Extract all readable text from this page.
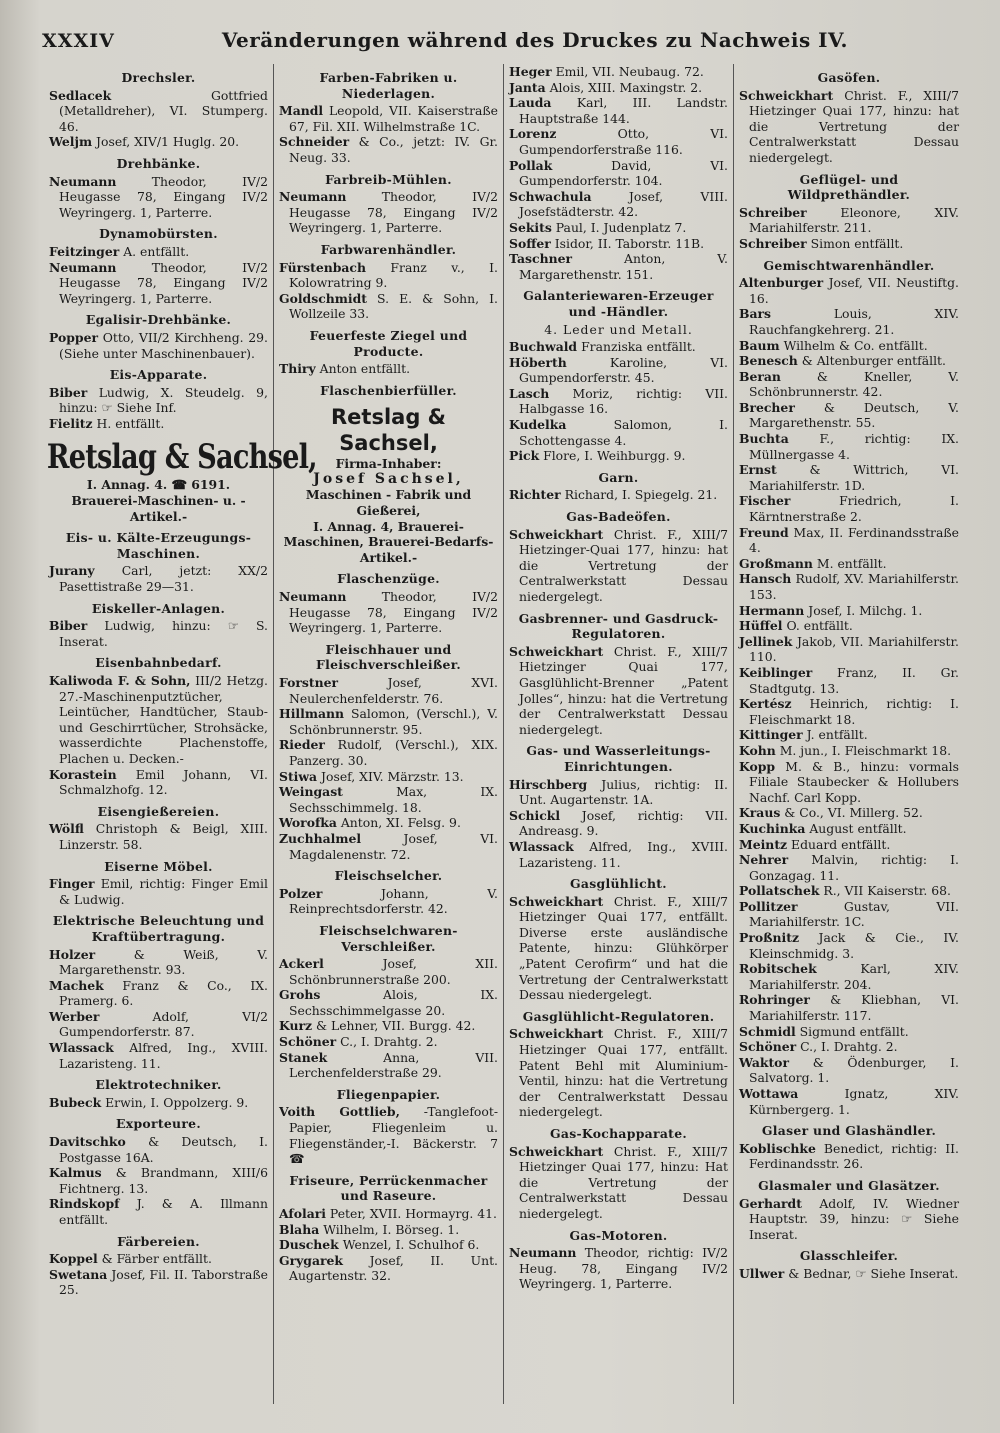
XXXIV	Veränderungen während des Druckes zu Nachweis IV.
Drechsler.
Sedlacek	Gottfried (Metalldreher), VI. Stumperg. 46.
Weljm Josef, XIV/1 Huglg. 20.
Drehbänke.
Neumann	Theodor, IV/2 Heugasse 78, Eingang IV/2 Weyringerg. 1, Parterre.
Dynamobürsten.
Feitzinger A. entfällt.
Neumann	Theodor, IV/2 Heugasse 78, Eingang IV/2 Weyringerg. 1, Parterre.
Egalisir-Drehbänke.
Popper Otto, VII/2 Kirchheng. 29. (Siehe unter Maschinenbauer).
Eis-Apparate.
Biber Ludwig, X. Steudelg. 9, hinzu: ☞ Siehe Inf.
Fielitz H. entfällt.
Retslag & Sachsel,
I. Annag. 4. ☎ 6191.
Brauerei-Maschinen- u. -Artikel.-
Eis- u. Kälte-Erzeugungs-Maschinen.
Jurany Carl, jetzt: XX/2 Pasettistraße 29—31.
Eiskeller-Anlagen.
Biber Ludwig, hinzu: ☞ S. Inserat.
Eisenbahnbedarf.
Kaliwoda F. & Sohn, III/2 Hetzg. 27.-Maschinenputztücher, Leintücher, Handtücher, Staub- und Geschirrtücher, Strohsäcke, wasserdichte Plachenstoffe, Plachen u. Decken.-
Korastein Emil Johann, VI. Schmalzhofg. 12.
Eisengießereien.
Wölfl Christoph & Beigl, XIII. Linzerstr. 58.
Eiserne Möbel.
Finger Emil, richtig: Finger Emil & Ludwig.
Elektrische Beleuchtung und Kraftübertragung.
Holzer	& Weiß, V. Margarethenstr. 93.
Machek Franz & Co., IX. Pramerg. 6.
Werber	Adolf, VI/2 Gumpendorferstr. 87.
Wlassack Alfred, Ing., XVIII. Lazaristeng. 11.
Elektrotechniker.
Bubeck Erwin, I. Oppolzerg. 9.
Exporteure.
Davitschko & Deutsch, I. Postgasse 16A.
Kalmus & Brandmann, XIII/6 Fichtnerg. 13.
Rindskopf J. & A. Illmann entfällt.
Färbereien.
Koppel & Färber entfällt.
Swetana Josef, Fil. II. Taborstraße 25.
Farben-Fabriken u. Niederlagen.
Mandl Leopold, VII. Kaiserstraße 67, Fil. XII. Wilhelmstraße 1C.
Schneider & Co., jetzt: IV. Gr. Neug. 33.
Farbreib-Mühlen.
Neumann	Theodor, IV/2 Heugasse 78, Eingang IV/2 Weyringerg. 1, Parterre.
Farbwarenhändler.
Fürstenbach Franz v., I. Kolowratring 9.
Goldschmidt S. E. & Sohn, I. Wollzeile 33.
Feuerfeste Ziegel und Producte.
Thiry Anton entfällt.
Flaschenbierfüller.
Retslag & Sachsel,
Firma-Inhaber:
Josef Sachsel,
Maschinen - Fabrik und Gießerei,
I. Annag. 4, Brauerei-Maschinen, Brauerei-Bedarfs-Artikel.-
Flaschenzüge.
Neumann	Theodor, IV/2 Heugasse 78, Eingang IV/2 Weyringerg. 1, Parterre.
Fleischhauer und Fleischverschleißer.
Forstner	Josef, XVI. Neulerchenfelderstr. 76.
Hillmann Salomon, (Verschl.), V. Schönbrunnerstr. 95.
Rieder Rudolf, (Verschl.), XIX. Panzerg. 30.
Stiwa Josef, XIV. Märzstr. 13.
Weingast	Max, IX. Sechsschimmelg. 18.
Worofka Anton, XI. Felsg. 9.
Zuchhalmel	Josef, VI. Magdalenenstr. 72.
Fleischselcher.
Polzer	Johann, V. Reinprechtsdorferstr. 42.
Fleischselchwaren-Verschleißer.
Ackerl	Josef, XII. Schönbrunnerstraße 200.
Grohs	Alois, IX. Sechsschimmelgasse 20.
Kurz & Lehner, VII. Burgg. 42.
Schöner C., I. Drahtg. 2.
Stanek	Anna, VII. Lerchenfelderstraße 29.
Fliegenpapier.
Voith Gottlieb, -Tanglefoot-Papier, Fliegenleim u. Fliegenständer,-I. Bäckerstr. 7 ☎
Friseure, Perrückenmacher und Raseure.
Afolari Peter, XVII. Hormayrg. 41.
Blaha Wilhelm, I. Börseg. 1.
Duschek Wenzel, I. Schulhof 6.
Grygarek Josef, II. Unt. Augartenstr. 32.
Heger Emil, VII. Neubaug. 72.
Janta Alois, XIII. Maxingstr. 2.
Lauda Karl, III. Landstr. Hauptstraße 144.
Lorenz	Otto, VI. Gumpendorferstraße 116.
Pollak	David, VI. Gumpendorferstr. 104.
Schwachula	Josef, VIII. Josefstädterstr. 42.
Sekits Paul, I. Judenplatz 7.
Soffer Isidor, II. Taborstr. 11B.
Taschner	Anton, V. Margarethenstr. 151.
Galanteriewaren-Erzeuger und -Händler.
4. Leder und Metall.
Buchwald Franziska entfällt.
Höberth	Karoline, VI. Gumpendorferstr. 45.
Lasch Moriz, richtig: VII. Halbgasse 16.
Kudelka	Salomon, I. Schottengasse 4.
Pick Flore, I. Weihburgg. 9.
Garn.
Richter Richard, I. Spiegelg. 21.
Gas-Badeöfen.
Schweickhart Christ. F., XIII/7 Hietzinger-Quai 177, hinzu: hat die Vertretung der Centralwerkstatt Dessau niedergelegt.
Gasbrenner- und Gasdruck-Regulatoren.
Schweickhart Christ. F., XIII/7 Hietzinger Quai 177, Gasglühlicht-Brenner „Patent Jolles“, hinzu: hat die Vertretung der Centralwerkstatt Dessau niedergelegt.
Gas- und Wasserleitungs-Einrichtungen.
Hirschberg Julius, richtig: II. Unt. Augartenstr. 1A.
Schickl Josef, richtig: VII. Andreasg. 9.
Wlassack Alfred, Ing., XVIII. Lazaristeng. 11.
Gasglühlicht.
Schweickhart Christ. F., XIII/7 Hietzinger Quai 177, entfällt. Diverse erste ausländische Patente, hinzu: Glühkörper „Patent Cerofirm“ und hat die Vertretung der Centralwerkstatt Dessau niedergelegt.
Gasglühlicht-Regulatoren.
Schweickhart Christ. F., XIII/7 Hietzinger Quai 177, entfällt. Patent Behl mit Aluminium-Ventil, hinzu: hat die Vertretung der Centralwerkstatt Dessau niedergelegt.
Gas-Kochapparate.
Schweickhart Christ. F., XIII/7 Hietzinger Quai 177, hinzu: Hat die Vertretung der Centralwerkstatt Dessau niedergelegt.
Gas-Motoren.
Neumann Theodor, richtig: IV/2 Heug. 78, Eingang IV/2 Weyringerg. 1, Parterre.
Gasöfen.
Schweickhart Christ. F., XIII/7 Hietzinger Quai 177, hinzu: hat die Vertretung der Centralwerkstatt Dessau niedergelegt.
Geflügel- und Wildprethändler.
Schreiber	Eleonore, XIV. Mariahilferstr. 211.
Schreiber Simon entfällt.
Gemischtwarenhändler.
Altenburger Josef, VII. Neustiftg. 16.
Bars	Louis, XIV. Rauchfangkehrerg. 21.
Baum Wilhelm & Co. entfällt.
Benesch & Altenburger entfällt.
Beran	& Kneller, V. Schönbrunnerstr. 42.
Brecher & Deutsch, V. Margarethenstr. 55.
Buchta F., richtig: IX. Müllnergasse 4.
Ernst	& Wittrich, VI. Mariahilferstr. 1D.
Fischer	Friedrich, I. Kärntnerstraße 2.
Freund Max, II. Ferdinandsstraße 4.
Großmann M. entfällt.
Hansch Rudolf, XV. Mariahilferstr. 153.
Hermann Josef, I. Milchg. 1.
Hüffel O. entfällt.
Jellinek Jakob, VII. Mariahilferstr. 110.
Keiblinger Franz, II. Gr. Stadtgutg. 13.
Kertész Heinrich, richtig: I. Fleischmarkt 18.
Kittinger J. entfällt.
Kohn M. jun., I. Fleischmarkt 18.
Kopp M. & B., hinzu: vormals Filiale Staubecker & Hollubers Nachf. Carl Kopp.
Kraus & Co., VI. Millerg. 52.
Kuchinka August entfällt.
Meintz Eduard entfällt.
Nehrer Malvin, richtig: I. Gonzagag. 11.
Pollatschek R., VII Kaiserstr. 68.
Pollitzer	Gustav, VII. Mariahilferstr. 1C.
Proßnitz Jack & Cie., IV. Kleinschmidg. 3.
Robitschek	Karl, XIV. Mariahilferstr. 204.
Rohringer & Kliebhan, VI. Mariahilferstr. 117.
Schmidl Sigmund entfällt.
Schöner C., I. Drahtg. 2.
Waktor & Ödenburger, I. Salvatorg. 1.
Wottawa	Ignatz, XIV. Kürnbergerg. 1.
Glaser und Glashändler.
Koblischke Benedict, richtig: II. Ferdinandsstr. 26.
Glasmaler und Glasätzer.
Gerhardt Adolf, IV. Wiedner Hauptstr. 39, hinzu: ☞ Siehe Inserat.
Glasschleifer.
Ullwer & Bednar, ☞ Siehe Inserat.
